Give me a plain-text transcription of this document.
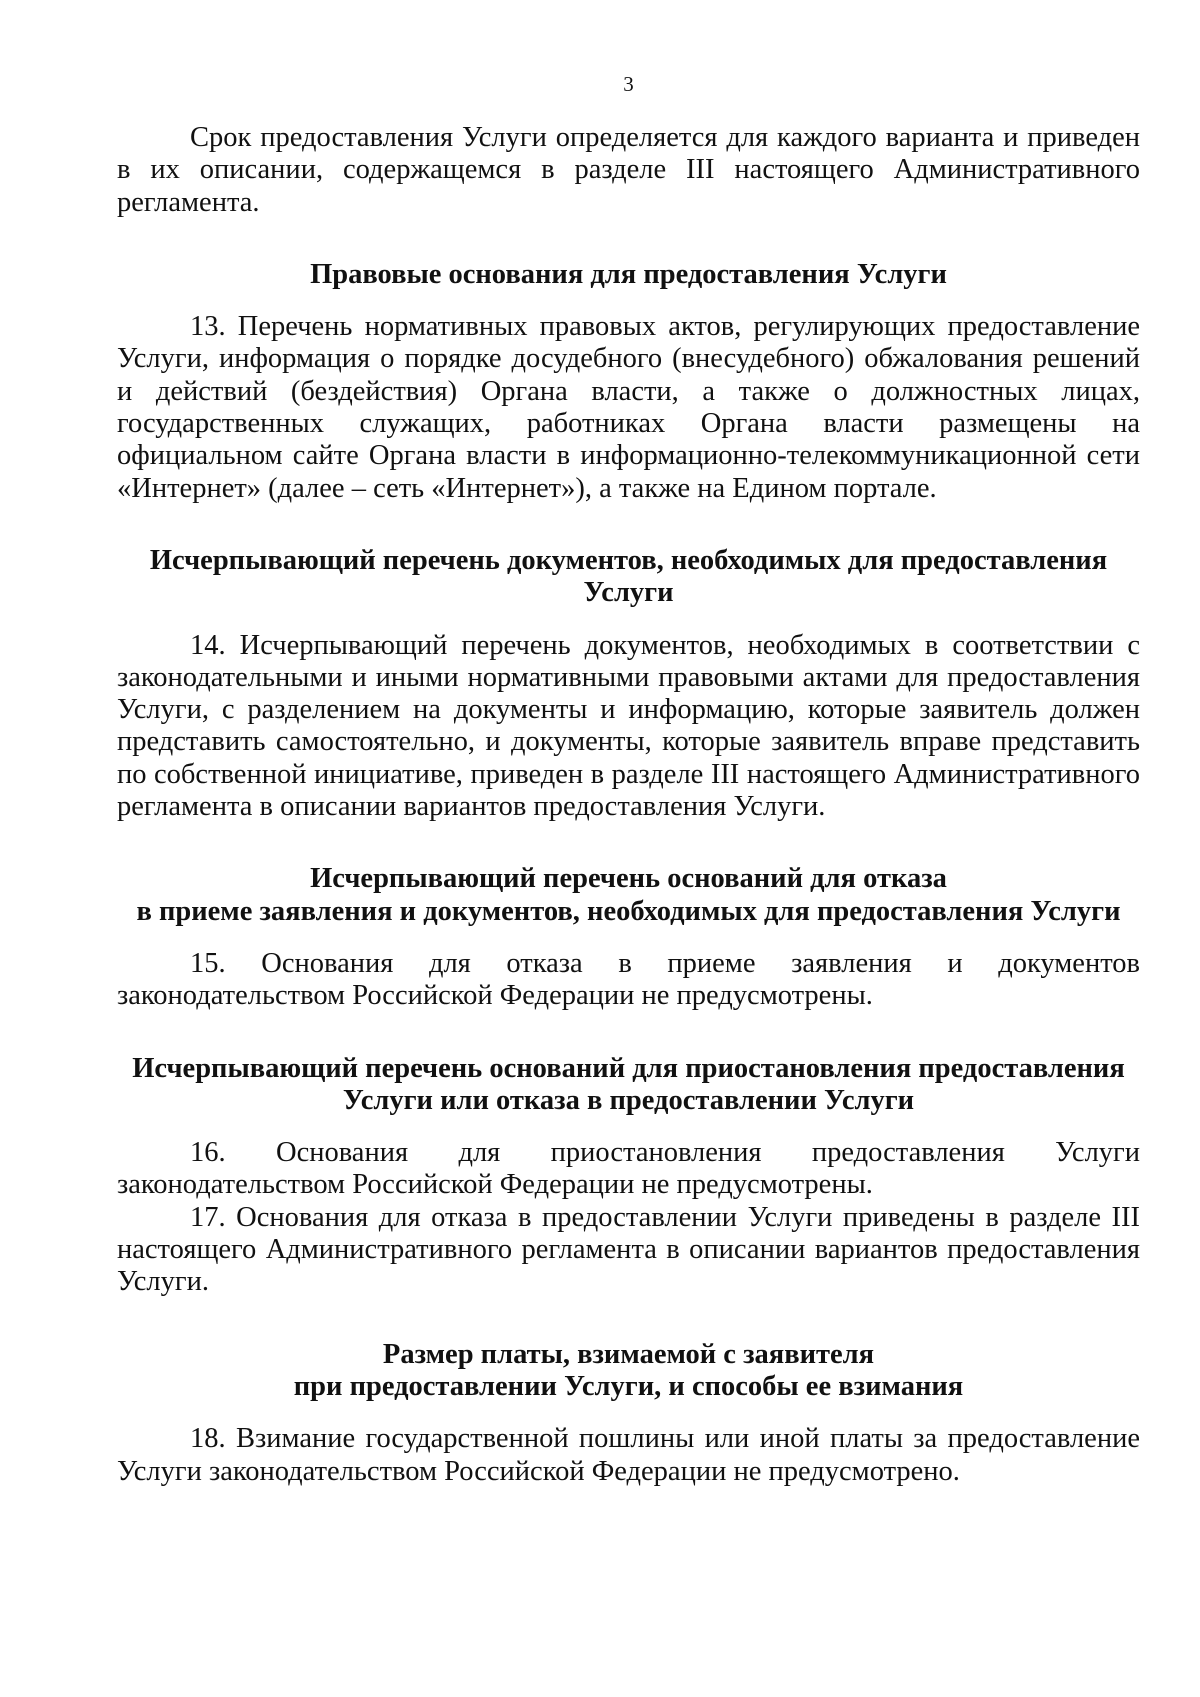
3

Срок предоставления Услуги определяется для каждого варианта и приведен в их описании, содержащемся в разделе III настоящего Административного регламента.

Правовые основания для предоставления Услуги

13. Перечень нормативных правовых актов, регулирующих предоставление Услуги, информация о порядке досудебного (внесудебного) обжалования решений и действий (бездействия) Органа власти, а также о должностных лицах, государственных служащих, работниках Органа власти размещены на официальном сайте Органа власти в информационно-телекоммуникационной сети «Интернет» (далее – сеть «Интернет»), а также на Едином портале.

Исчерпывающий перечень документов, необходимых для предоставления
Услуги

14. Исчерпывающий перечень документов, необходимых в соответствии с законодательными и иными нормативными правовыми актами для предоставления Услуги, с разделением на документы и информацию, которые заявитель должен представить самостоятельно, и документы, которые заявитель вправе представить по собственной инициативе, приведен в разделе III настоящего Административного регламента в описании вариантов предоставления Услуги.

Исчерпывающий перечень оснований для отказа
в приеме заявления и документов, необходимых для предоставления Услуги

15. Основания для отказа в приеме заявления и документов законодательством Российской Федерации не предусмотрены.

Исчерпывающий перечень оснований для приостановления предоставления
Услуги или отказа в предоставлении Услуги

16. Основания для приостановления предоставления Услуги законодательством Российской Федерации не предусмотрены.

17. Основания для отказа в предоставлении Услуги приведены в разделе III настоящего Административного регламента в описании вариантов предоставления Услуги.

Размер платы, взимаемой с заявителя
при предоставлении Услуги, и способы ее взимания

18. Взимание государственной пошлины или иной платы за предоставление Услуги законодательством Российской Федерации не предусмотрено.
